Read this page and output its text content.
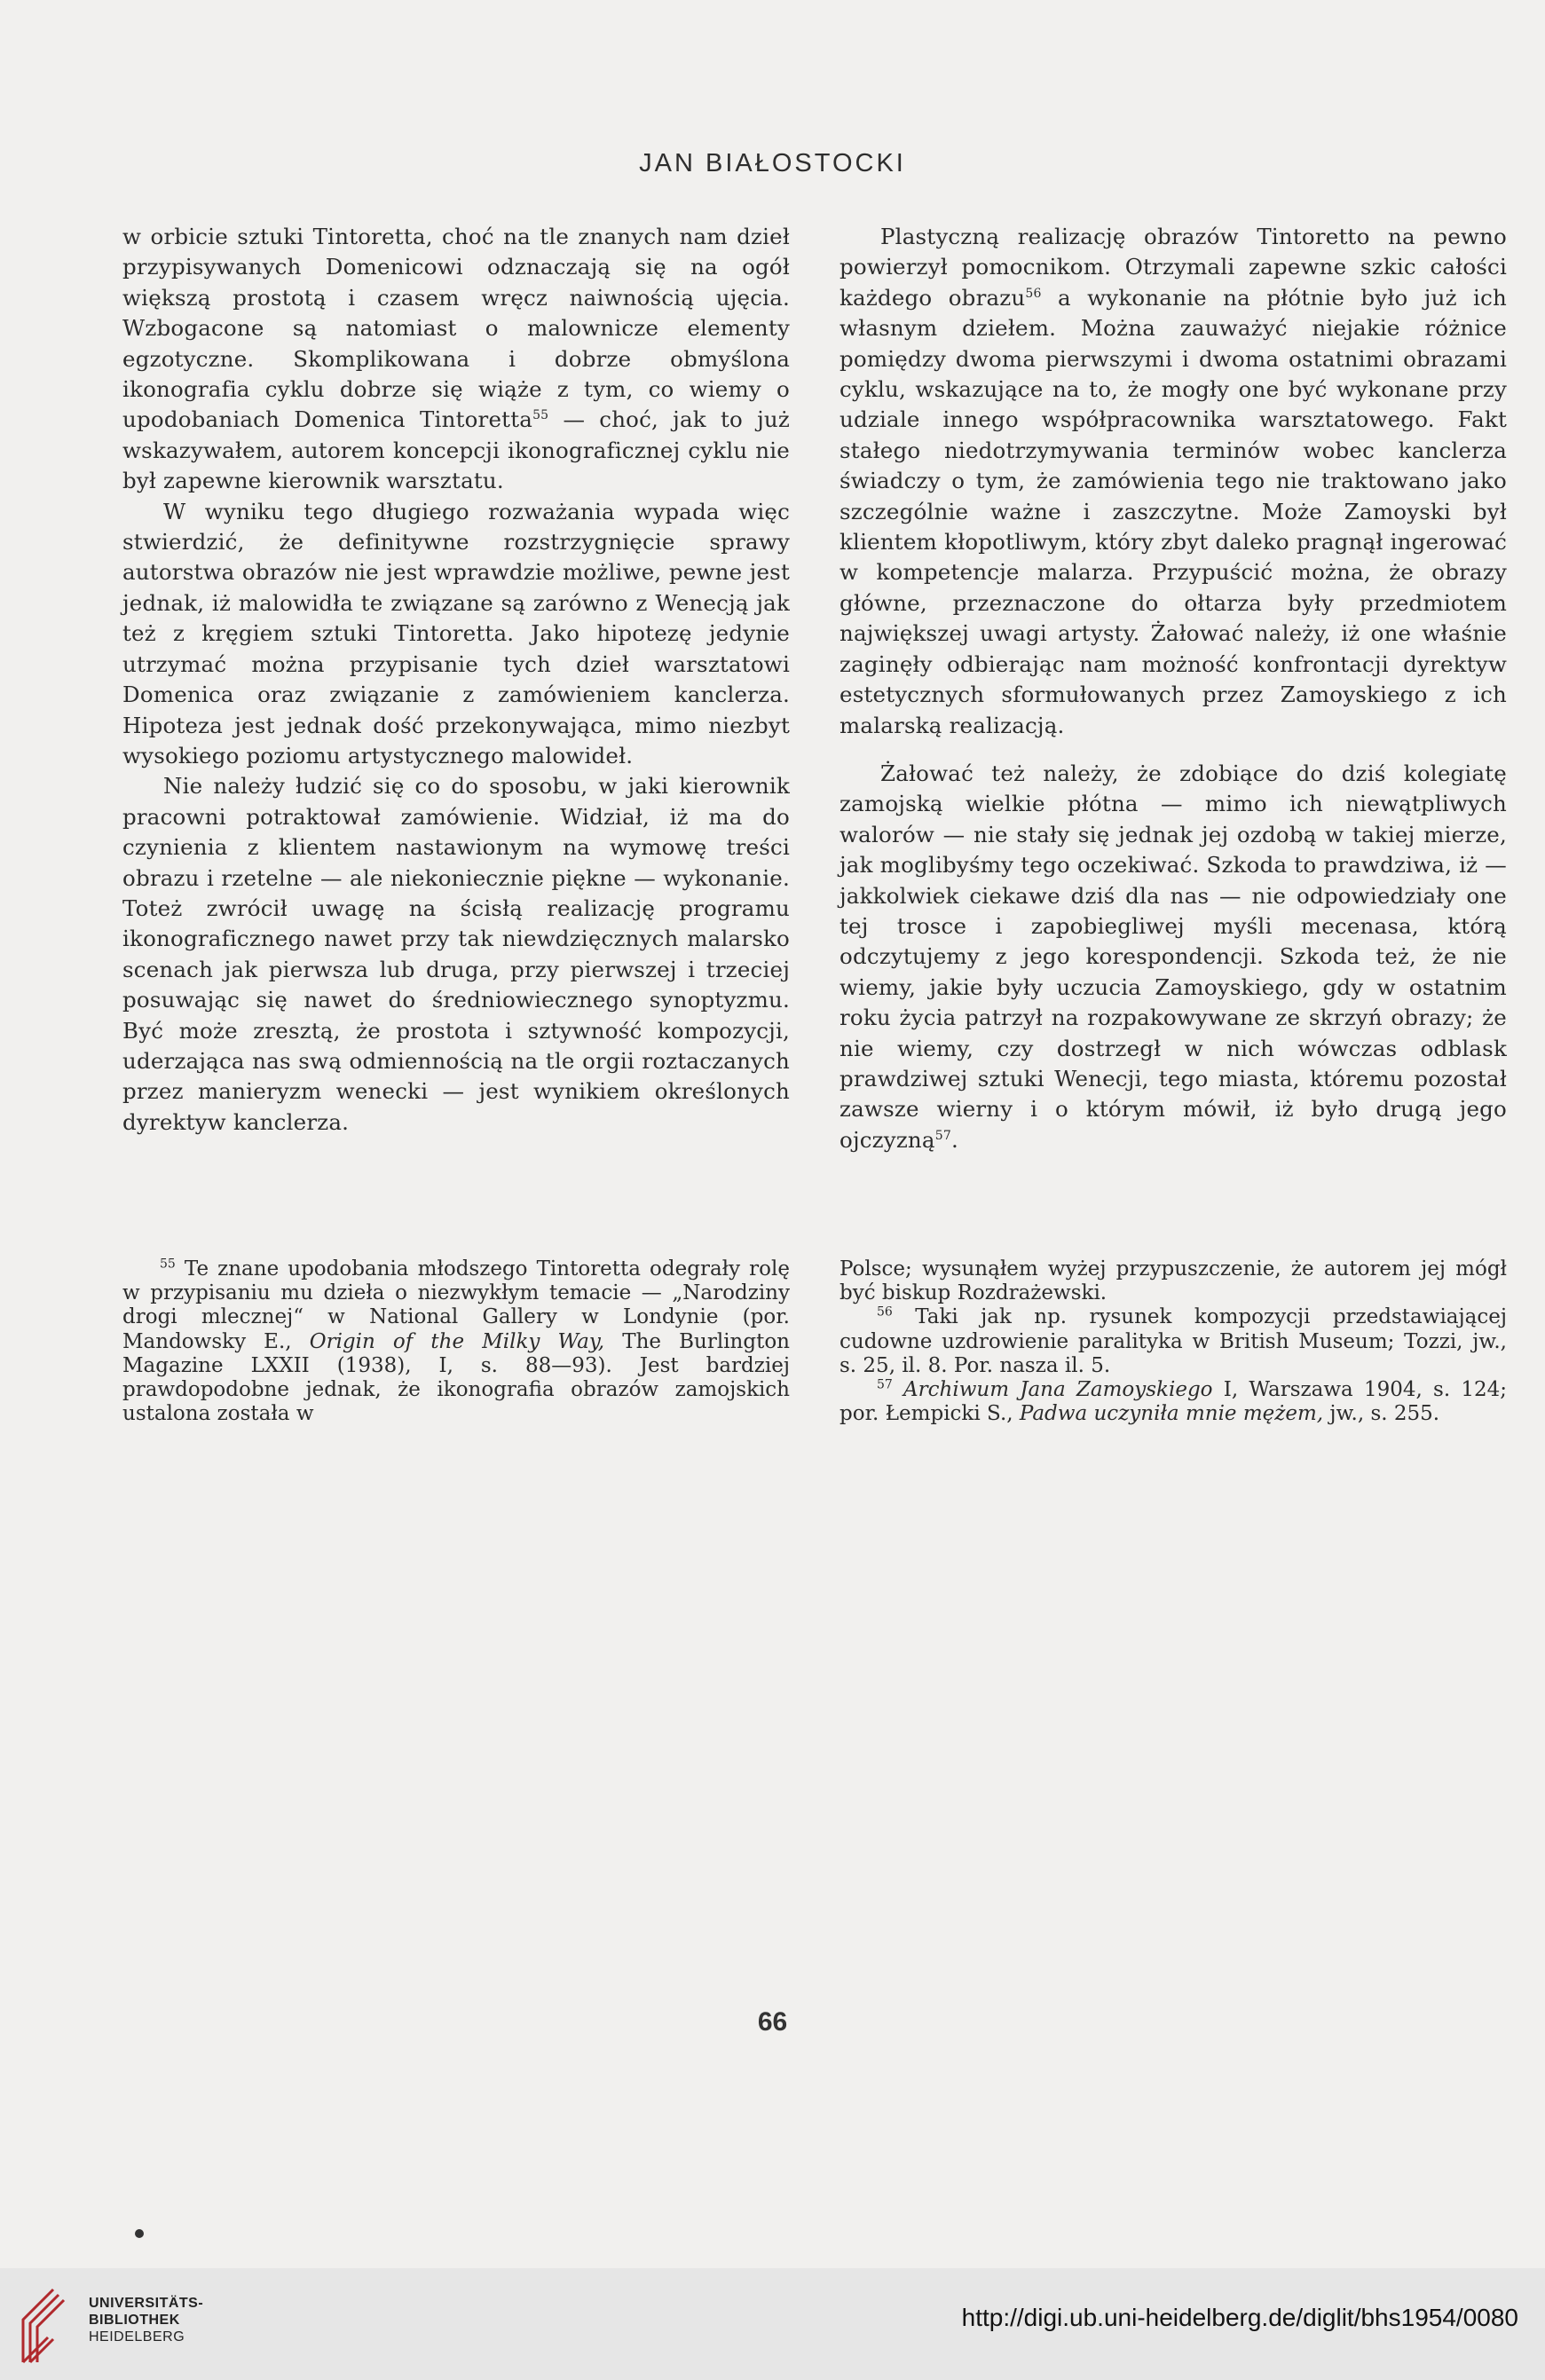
JAN BIAŁOSTOCKI

w orbicie sztuki Tintoretta, choć na tle znanych nam dzieł przypisywanych Domenicowi odznaczają się na ogół większą prostotą i czasem wręcz naiwnością ujęcia. Wzbogacone są natomiast o malownicze elementy egzotyczne. Skomplikowana i dobrze obmyślona ikonografia cyklu dobrze się wiąże z tym, co wiemy o upodobaniach Domenica Tintoretta$^{55}$ — choć, jak to już wskazywałem, autorem koncepcji ikonograficznej cyklu nie był zapewne kierownik warsztatu.

W wyniku tego długiego rozważania wypada więc stwierdzić, że definitywne rozstrzygnięcie sprawy autorstwa obrazów nie jest wprawdzie możliwe, pewne jest jednak, iż malowidła te związane są zarówno z Wenecją jak też z kręgiem sztuki Tintoretta. Jako hipotezę jedynie utrzymać można przypisanie tych dzieł warsztatowi Domenica oraz związanie z zamówieniem kanclerza. Hipoteza jest jednak dość przekonywająca, mimo niezbyt wysokiego poziomu artystycznego malowideł.

Nie należy łudzić się co do sposobu, w jaki kierownik pracowni potraktował zamówienie. Widział, iż ma do czynienia z klientem nastawionym na wymowę treści obrazu i rzetelne — ale niekoniecznie piękne — wykonanie. Toteż zwrócił uwagę na ścisłą realizację programu ikonograficznego nawet przy tak niewdzięcznych malarsko scenach jak pierwsza lub druga, przy pierwszej i trzeciej posuwając się nawet do średniowiecznego synoptyzmu. Być może zresztą, że prostota i sztywność kompozycji, uderzająca nas swą odmiennością na tle orgii roztaczanych przez manieryzm wenecki — jest wynikiem określonych dyrektyw kanclerza.

Plastyczną realizację obrazów Tintoretto na pewno powierzył pomocnikom. Otrzymali zapewne szkic całości każdego obrazu$^{56}$ a wykonanie na płótnie było już ich własnym dziełem. Można zauważyć niejakie różnice pomiędzy dwoma pierwszymi i dwoma ostatnimi obrazami cyklu, wskazujące na to, że mogły one być wykonane przy udziale innego współpracownika warsztatowego. Fakt stałego niedotrzymywania terminów wobec kanclerza świadczy o tym, że zamówienia tego nie traktowano jako szczególnie ważne i zaszczytne. Może Zamoyski był klientem kłopotliwym, który zbyt daleko pragnął ingerować w kompetencje malarza. Przypuścić można, że obrazy główne, przeznaczone do ołtarza były przedmiotem największej uwagi artysty. Żałować należy, iż one właśnie zaginęły odbierając nam możność konfrontacji dyrektyw estetycznych sformułowanych przez Zamoyskiego z ich malarską realizacją.

Żałować też należy, że zdobiące do dziś kolegiatę zamojską wielkie płótna — mimo ich niewątpliwych walorów — nie stały się jednak jej ozdobą w takiej mierze, jak moglibyśmy tego oczekiwać. Szkoda to prawdziwa, iż — jakkolwiek ciekawe dziś dla nas — nie odpowiedziały one tej trosce i zapobiegliwej myśli mecenasa, którą odczytujemy z jego korespondencji. Szkoda też, że nie wiemy, jakie były uczucia Zamoyskiego, gdy w ostatnim roku życia patrzył na rozpakowywane ze skrzyń obrazy; że nie wiemy, czy dostrzegł w nich wówczas odblask prawdziwej sztuki Wenecji, tego miasta, któremu pozostał zawsze wierny i o którym mówił, iż było drugą jego ojczyzną$^{57}$.

$^{55}$ Te znane upodobania młodszego Tintoretta odegrały rolę w przypisaniu mu dzieła o niezwykłym temacie — „Narodziny drogi mlecznej“ w National Gallery w Londynie (por. Mandowsky E., Origin of the Milky Way, The Burlington Magazine LXXII (1938), I, s. 88—93). Jest bardziej prawdopodobne jednak, że ikonografia obrazów zamojskich ustalona została w

Polsce; wysunąłem wyżej przypuszczenie, że autorem jej mógł być biskup Rozdrażewski.

$^{56}$ Taki jak np. rysunek kompozycji przedstawiającej cudowne uzdrowienie paralityka w British Museum; Tozzi, jw., s. 25, il. 8. Por. nasza il. 5.

$^{57}$ Archiwum Jana Zamoyskiego I, Warszawa 1904, s. 124; por. Łempicki S., Padwa uczyniła mnie mężem, jw., s. 255.

66
UNIVERSITÄTS-
BIBLIOTHEK
HEIDELBERG
http://digi.ub.uni-heidelberg.de/diglit/bhs1954/0080
